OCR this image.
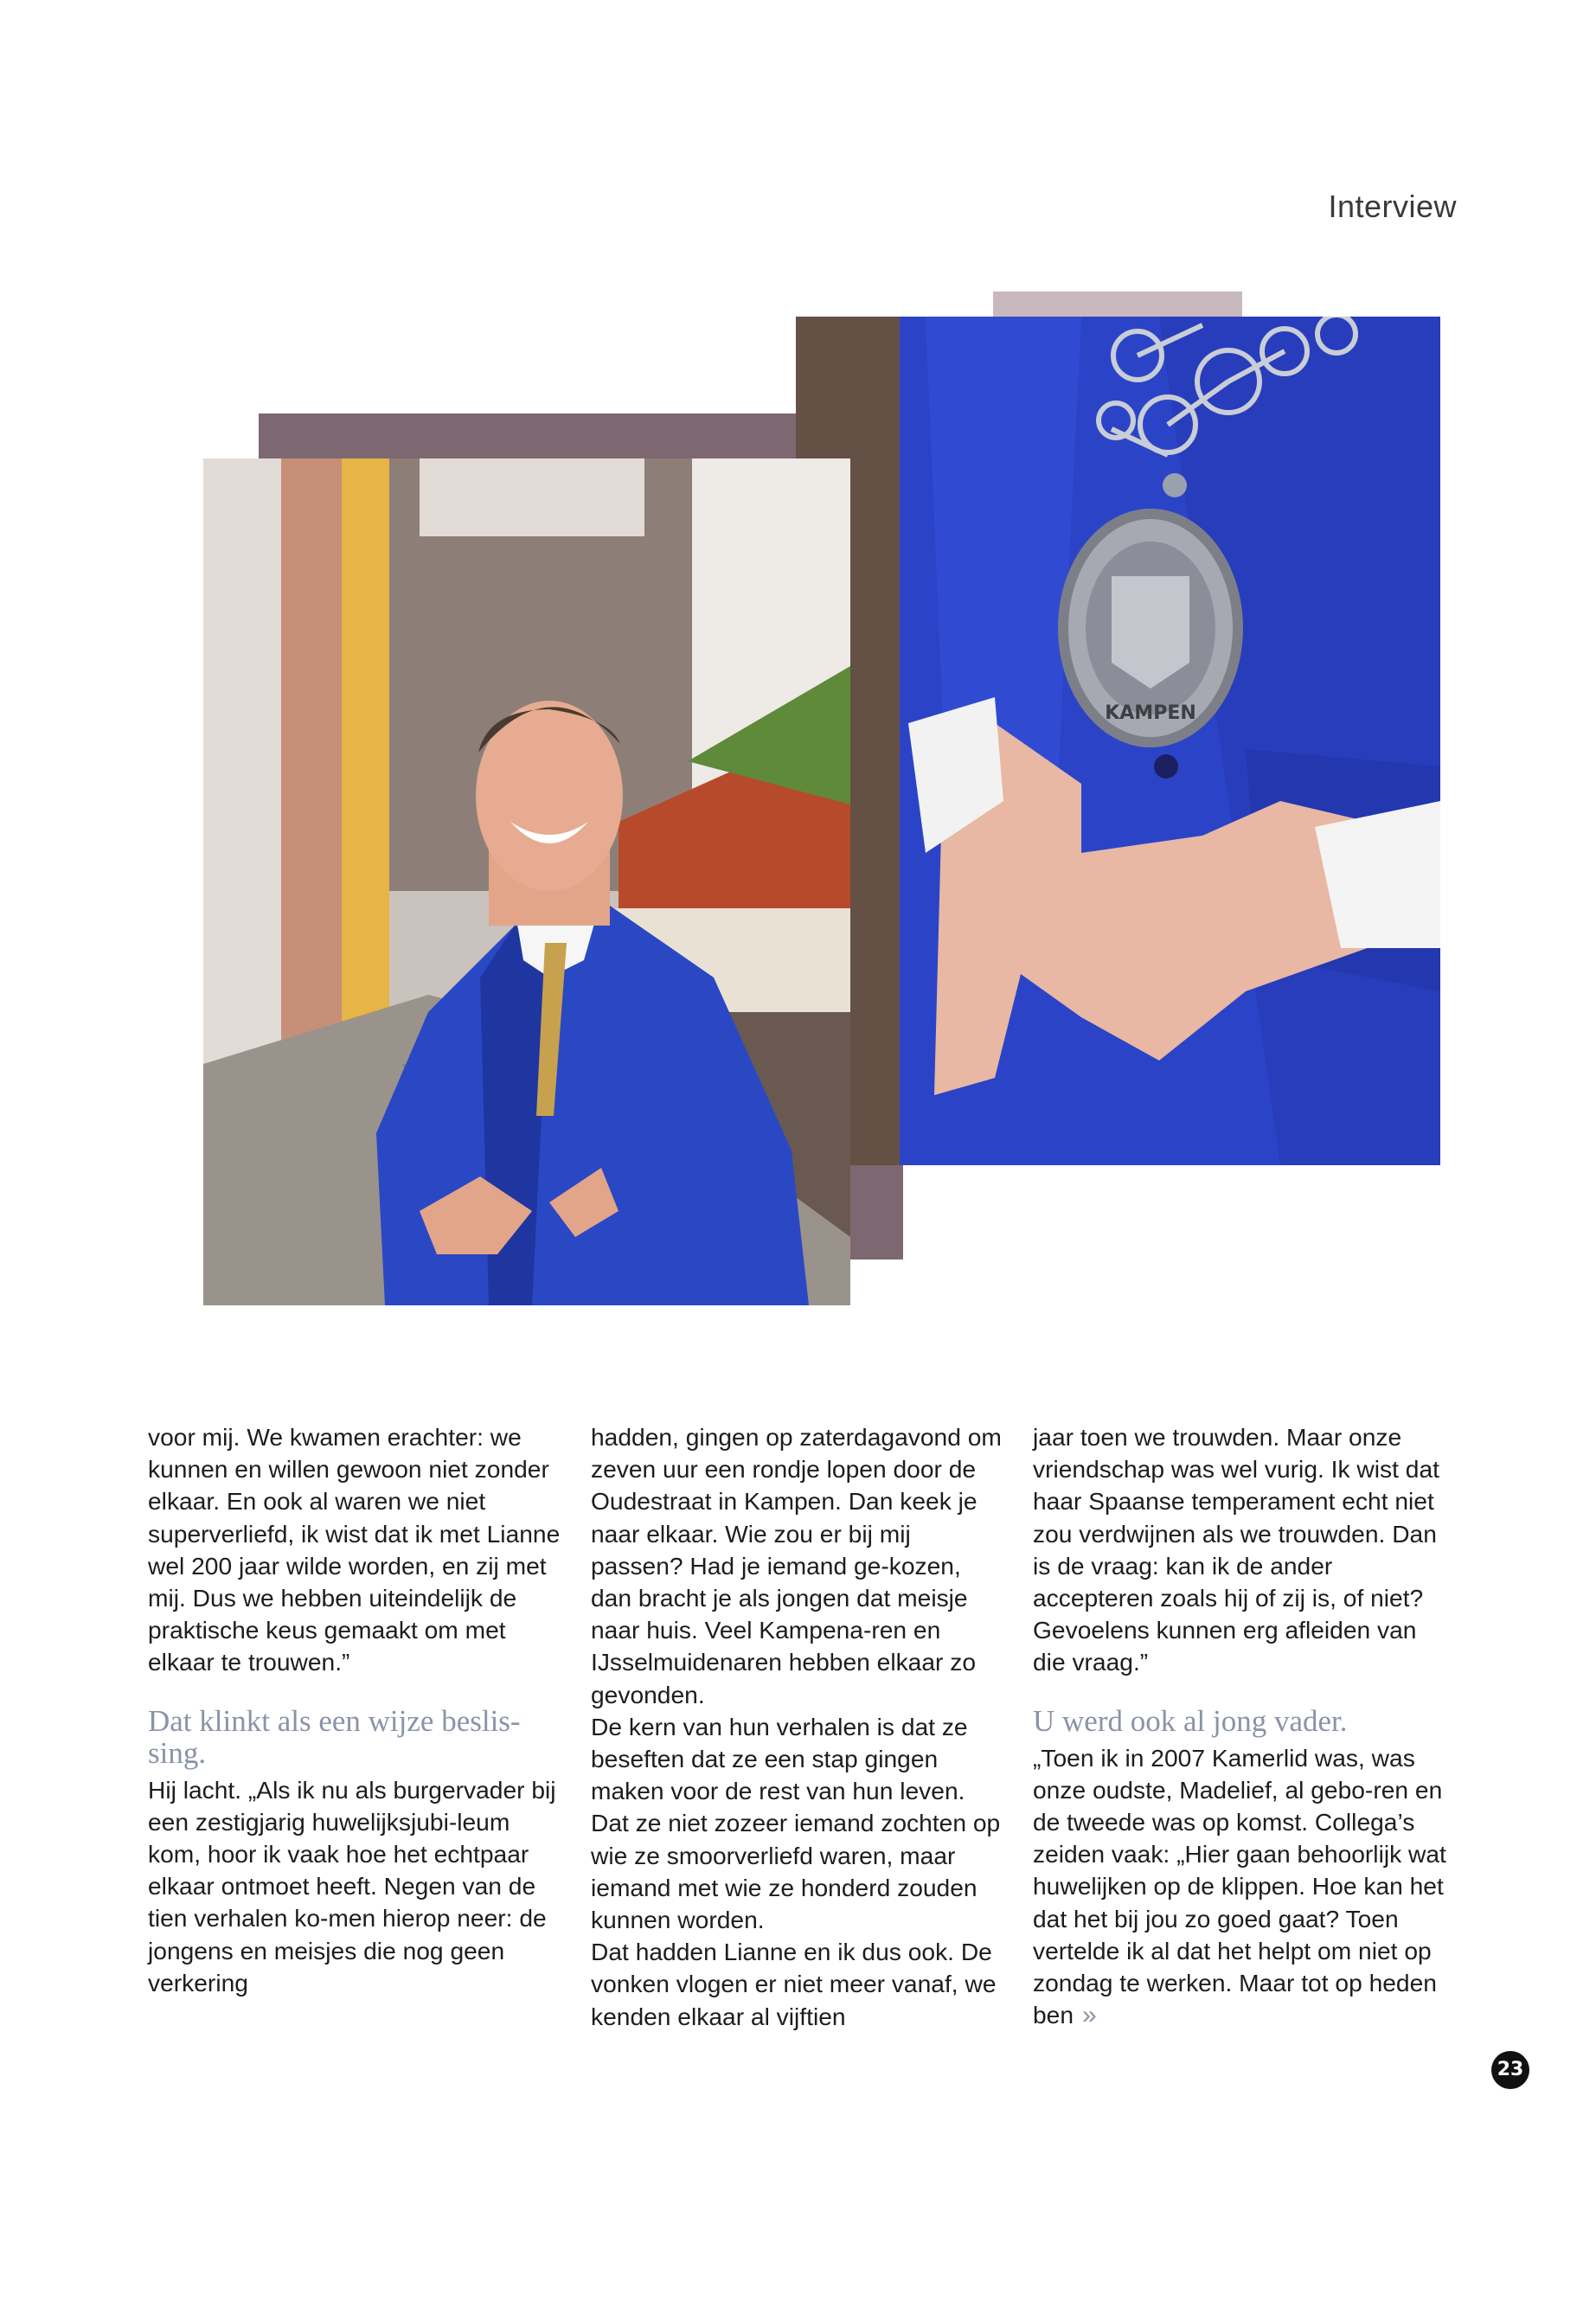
Interview
KAMPEN

voor mij. We kwamen erachter: we kunnen en willen gewoon niet zonder elkaar. En ook al waren we niet superverliefd, ik wist dat ik met Lianne wel 200 jaar wilde worden, en zij met mij. Dus we hebben uiteindelijk de praktische keus gemaakt om met elkaar te trouwen.”

Dat klinkt als een wijze beslis-sing.

Hij lacht. „Als ik nu als burgervader bij een zestigjarig huwelijksjubi-leum kom, hoor ik vaak hoe het echtpaar elkaar ontmoet heeft. Negen van de tien verhalen ko-men hierop neer: de jongens en meisjes die nog geen verkering

hadden, gingen op zaterdagavond om zeven uur een rondje lopen door de Oudestraat in Kampen. Dan keek je naar elkaar. Wie zou er bij mij passen? Had je iemand ge-kozen, dan bracht je als jongen dat meisje naar huis. Veel Kampena-ren en IJsselmuidenaren hebben elkaar zo gevonden.

De kern van hun verhalen is dat ze beseften dat ze een stap gingen maken voor de rest van hun leven. Dat ze niet zozeer iemand zochten op wie ze smoorverliefd waren, maar iemand met wie ze honderd zouden kunnen worden.

Dat hadden Lianne en ik dus ook. De vonken vlogen er niet meer vanaf, we kenden elkaar al vijftien

jaar toen we trouwden. Maar onze vriendschap was wel vurig. Ik wist dat haar Spaanse temperament echt niet zou verdwijnen als we trouwden. Dan is de vraag: kan ik de ander accepteren zoals hij of zij is, of niet? Gevoelens kunnen erg afleiden van die vraag.”

U werd ook al jong vader.

„Toen ik in 2007 Kamerlid was, was onze oudste, Madelief, al gebo-ren en de tweede was op komst. Collega’s zeiden vaak: „Hier gaan behoorlijk wat huwelijken op de klippen. Hoe kan het dat het bij jou zo goed gaat? Toen vertelde ik al dat het helpt om niet op zondag te werken. Maar tot op heden ben »

23
